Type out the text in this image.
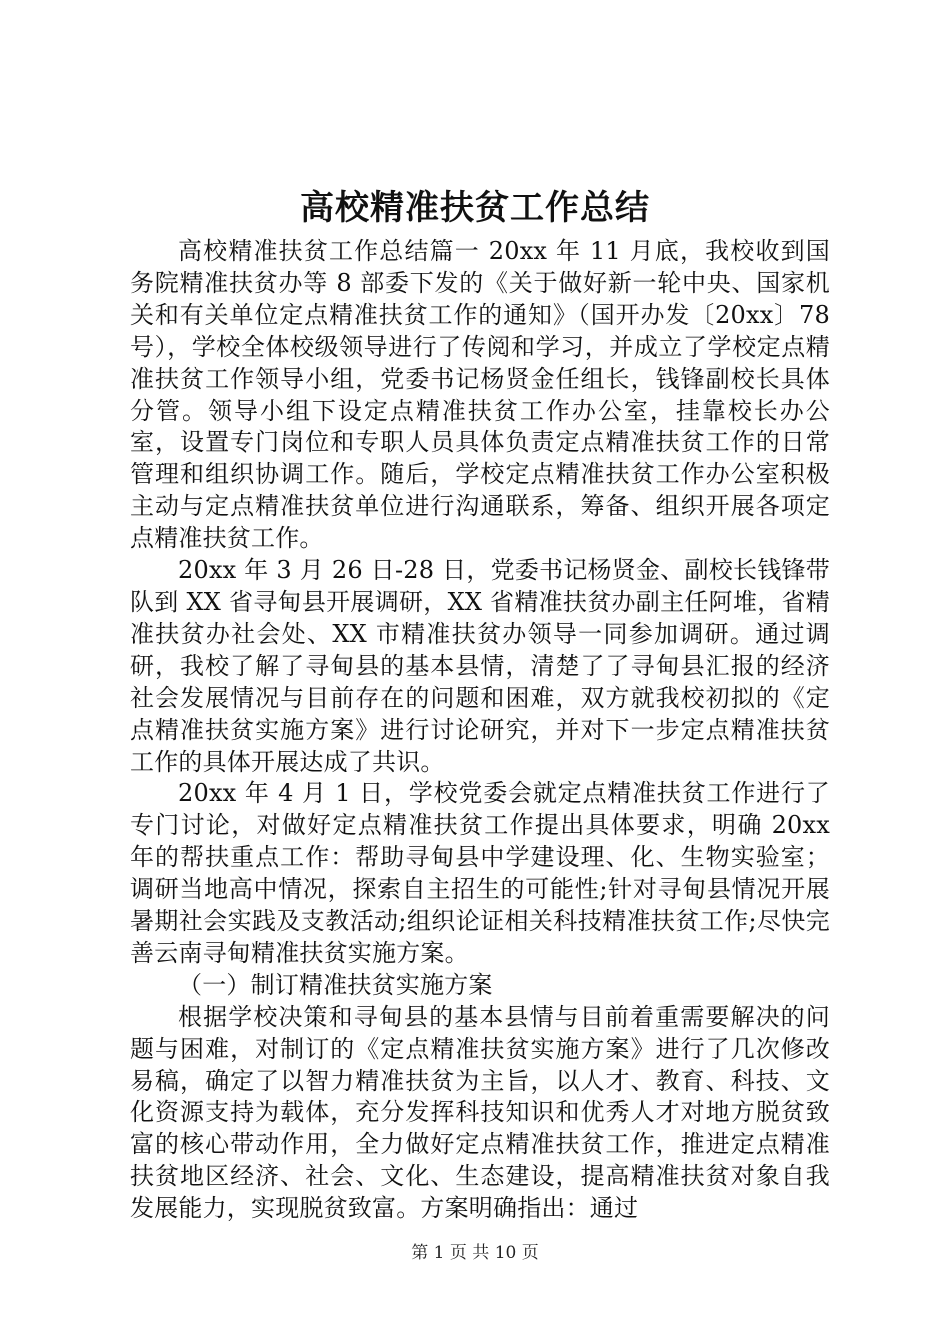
高校精准扶贫工作总结

高校精准扶贫工作总结篇一 20xx 年 11 月底，我校收到国务院精准扶贫办等 8 部委下发的《关于做好新一轮中央、国家机关和有关单位定点精准扶贫工作的通知》（国开办发〔20xx〕78 号），学校全体校级领导进行了传阅和学习，并成立了学校定点精准扶贫工作领导小组，党委书记杨贤金任组长，钱锋副校长具体分管。领导小组下设定点精准扶贫工作办公室，挂靠校长办公室，设置专门岗位和专职人员具体负责定点精准扶贫工作的日常管理和组织协调工作。随后，学校定点精准扶贫工作办公室积极主动与定点精准扶贫单位进行沟通联系，筹备、组织开展各项定点精准扶贫工作。

20xx 年 3 月 26 日-28 日，党委书记杨贤金、副校长钱锋带队到 XX 省寻甸县开展调研，XX 省精准扶贫办副主任阿堆，省精准扶贫办社会处、XX 市精准扶贫办领导一同参加调研。通过调研，我校了解了寻甸县的基本县情，清楚了了寻甸县汇报的经济社会发展情况与目前存在的问题和困难，双方就我校初拟的《定点精准扶贫实施方案》进行讨论研究，并对下一步定点精准扶贫工作的具体开展达成了共识。

20xx 年 4 月 1 日，学校党委会就定点精准扶贫工作进行了专门讨论，对做好定点精准扶贫工作提出具体要求，明确 20xx 年的帮扶重点工作：帮助寻甸县中学建设理、化、生物实验室；调研当地高中情况，探索自主招生的可能性;针对寻甸县情况开展暑期社会实践及支教活动;组织论证相关科技精准扶贫工作;尽快完善云南寻甸精准扶贫实施方案。

（一）制订精准扶贫实施方案

根据学校决策和寻甸县的基本县情与目前着重需要解决的问题与困难，对制订的《定点精准扶贫实施方案》进行了几次修改易稿，确定了以智力精准扶贫为主旨，以人才、教育、科技、文化资源支持为载体，充分发挥科技知识和优秀人才对地方脱贫致富的核心带动作用，全力做好定点精准扶贫工作，推进定点精准扶贫地区经济、社会、文化、生态建设，提高精准扶贫对象自我发展能力，实现脱贫致富。方案明确指出：通过

第 1 页 共 10 页
